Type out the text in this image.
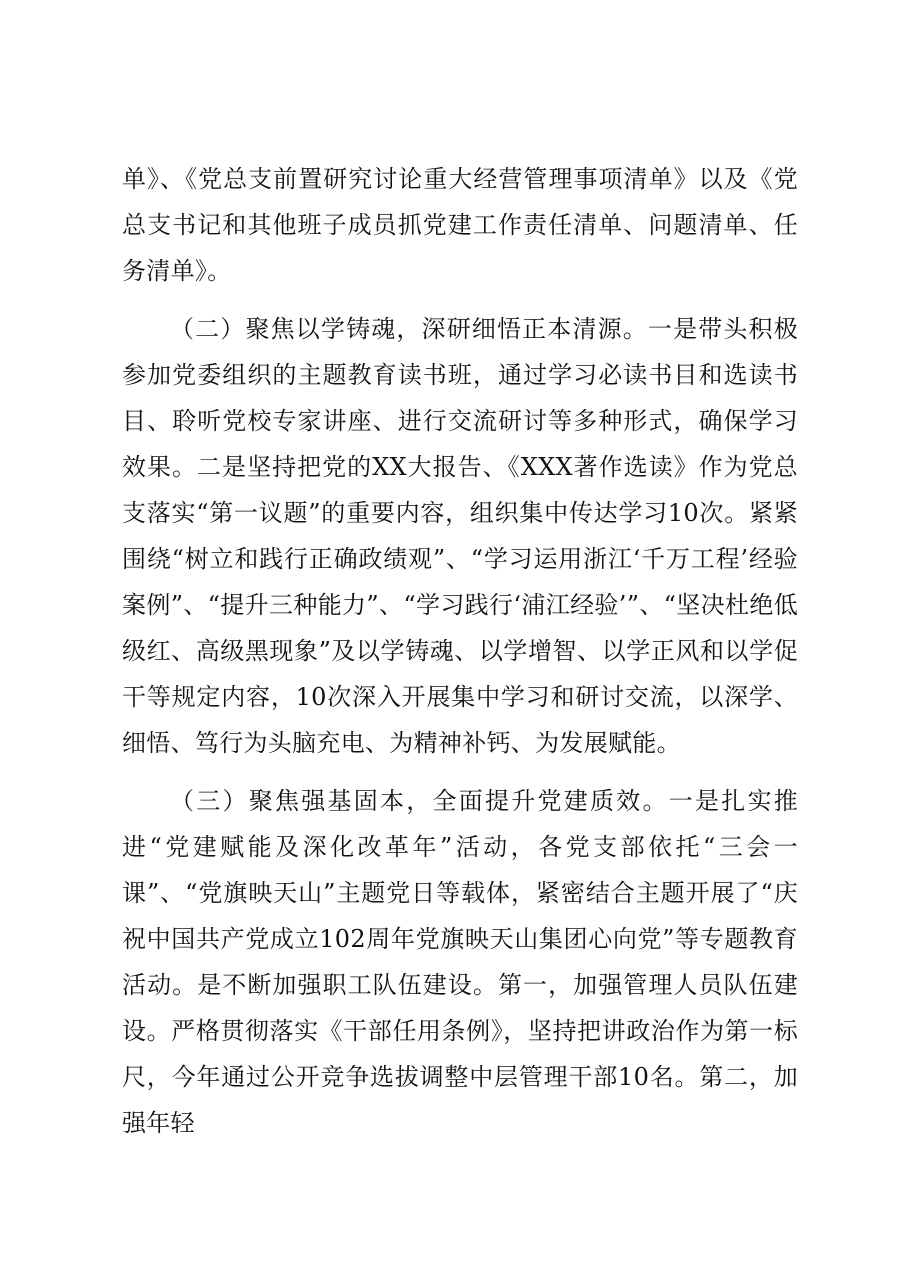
单》、《党总支前置研究讨论重大经营管理事项清单》以及《党总支书记和其他班子成员抓党建工作责任清单、问题清单、任务清单》。

（二）聚焦以学铸魂，深研细悟正本清源。一是带头积极参加党委组织的主题教育读书班，通过学习必读书目和选读书目、聆听党校专家讲座、进行交流研讨等多种形式，确保学习效果。二是坚持把党的XX大报告、《XXX著作选读》作为党总支落实“第一议题”的重要内容，组织集中传达学习10次。紧紧围绕“树立和践行正确政绩观”、“学习运用浙江‘千万工程’经验案例”、“提升三种能力”、“学习践行‘浦江经验’”、“坚决杜绝低级红、高级黑现象”及以学铸魂、以学增智、以学正风和以学促干等规定内容，10次深入开展集中学习和研讨交流，以深学、细悟、笃行为头脑充电、为精神补钙、为发展赋能。

（三）聚焦强基固本，全面提升党建质效。一是扎实推进“党建赋能及深化改革年”活动，各党支部依托“三会一课”、“党旗映天山”主题党日等载体，紧密结合主题开展了“庆祝中国共产党成立102周年党旗映天山集团心向党”等专题教育活动。是不断加强职工队伍建设。第一，加强管理人员队伍建设。严格贯彻落实《干部任用条例》，坚持把讲政治作为第一标尺，今年通过公开竞争选拔调整中层管理干部10名。第二，加强年轻
